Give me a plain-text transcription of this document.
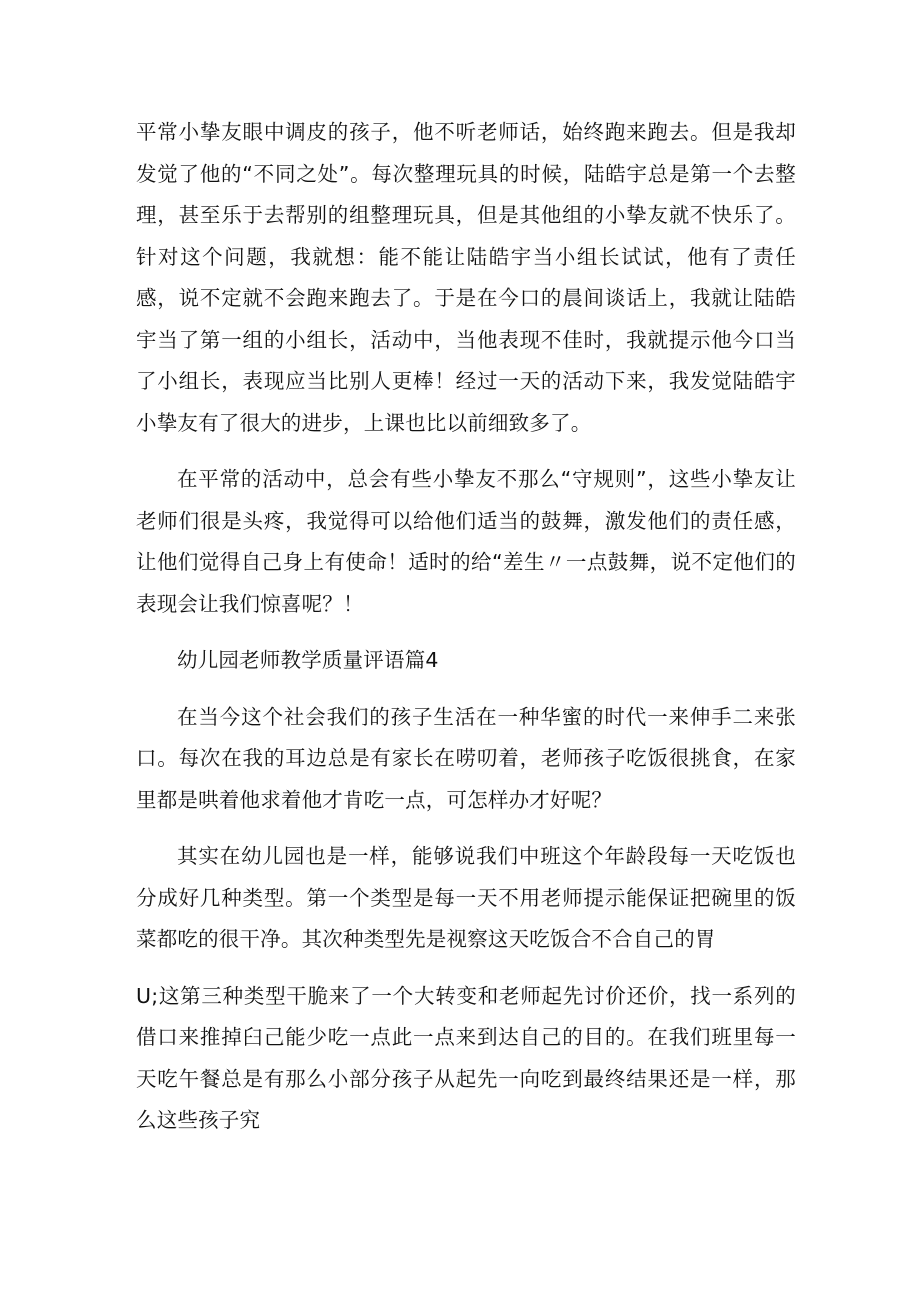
平常小挚友眼中调皮的孩子，他不听老师话，始终跑来跑去。但是我却发觉了他的“不同之处”。每次整理玩具的时候，陆皓宇总是第一个去整理，甚至乐于去帮别的组整理玩具，但是其他组的小挚友就不快乐了。针对这个问题，我就想：能不能让陆皓宇当小组长试试，他有了责任感，说不定就不会跑来跑去了。于是在今口的晨间谈话上，我就让陆皓宇当了第一组的小组长，活动中，当他表现不佳时，我就提示他今口当了小组长，表现应当比别人更棒！经过一天的活动下来，我发觉陆皓宇小挚友有了很大的进步，上课也比以前细致多了。

在平常的活动中，总会有些小挚友不那么“守规则”，这些小挚友让老师们很是头疼，我觉得可以给他们适当的鼓舞，激发他们的责任感，让他们觉得自己身上有使命！适时的给“差生〃一点鼓舞，说不定他们的表现会让我们惊喜呢？！

幼儿园老师教学质量评语篇4

在当今这个社会我们的孩子生活在一种华蜜的时代一来伸手二来张口。每次在我的耳边总是有家长在唠叨着，老师孩子吃饭很挑食，在家里都是哄着他求着他才肯吃一点，可怎样办才好呢？

其实在幼儿园也是一样，能够说我们中班这个年龄段每一天吃饭也分成好几种类型。第一个类型是每一天不用老师提示能保证把碗里的饭菜都吃的很干净。其次种类型先是视察这天吃饭合不合自己的胃

U;这第三种类型干脆来了一个大转变和老师起先讨价还价，找一系列的借口来推掉臼己能少吃一点此一点来到达自己的目的。在我们班里每一天吃午餐总是有那么小部分孩子从起先一向吃到最终结果还是一样，那么这些孩子究
